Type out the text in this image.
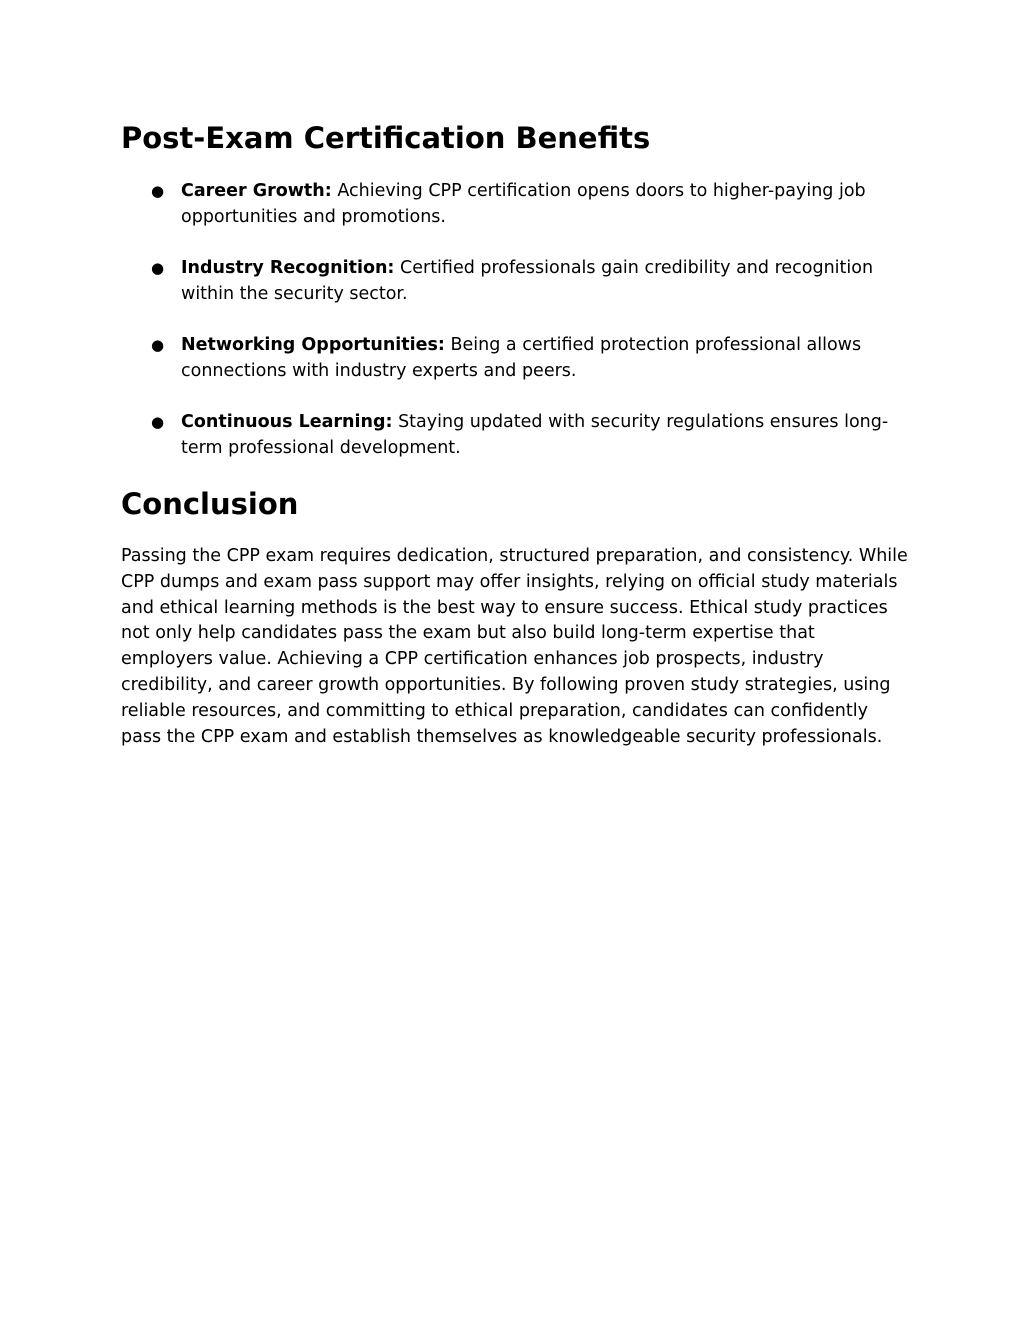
Post-Exam Certification Benefits
● Career Growth: Achieving CPP certification opens doors to higher-paying job opportunities and promotions.
● Industry Recognition: Certified professionals gain credibility and recognition within the security sector.
● Networking Opportunities: Being a certified protection professional allows connections with industry experts and peers.
● Continuous Learning: Staying updated with security regulations ensures long-term professional development.
Conclusion

Passing the CPP exam requires dedication, structured preparation, and consistency. While CPP dumps and exam pass support may offer insights, relying on official study materials and ethical learning methods is the best way to ensure success. Ethical study practices not only help candidates pass the exam but also build long-term expertise that employers value. Achieving a CPP certification enhances job prospects, industry credibility, and career growth opportunities. By following proven study strategies, using reliable resources, and committing to ethical preparation, candidates can confidently pass the CPP exam and establish themselves as knowledgeable security professionals.
